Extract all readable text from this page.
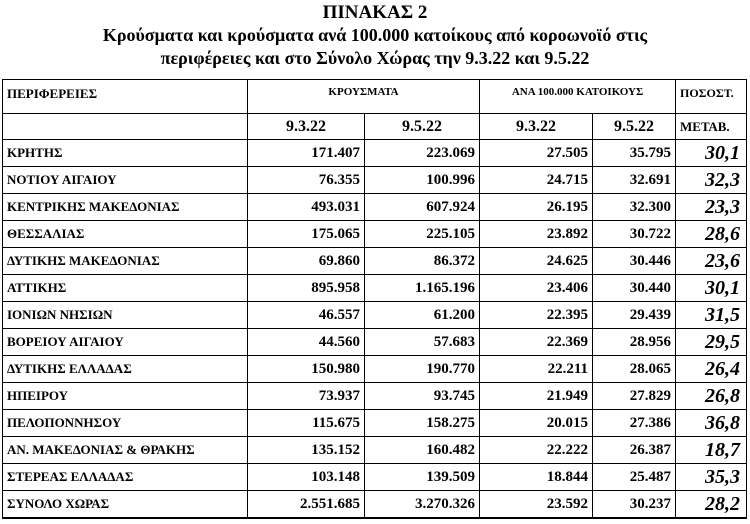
ΠΙΝΑΚΑΣ 2
Κρούσματα και κρούσματα ανά 100.000 κατοίκους από κοροωνοϊό στις
περιφέρειες και στο Σύνολο Χώρας την 9.3.22 και 9.5.22
ΠΕΡΙΦΕΡΕΙΕΣ	ΚΡΟΥΣΜΑΤΑ		ΑΝΑ 100.000 ΚΑΤΟΙΚΟΥΣ		ΠΟΣΟΣΤ.
	9.3.22	9.5.22	9.3.22	9.5.22	ΜΕΤΑΒ.
ΚΡΗΤΗΣ	171.407	223.069	27.505	35.795	30,1
ΝΟΤΙΟΥ ΑΙΓΑΙΟΥ	76.355	100.996	24.715	32.691	32,3
ΚΕΝΤΡΙΚΗΣ ΜΑΚΕΔΟΝΙΑΣ	493.031	607.924	26.195	32.300	23,3
ΘΕΣΣΑΛΙΑΣ	175.065	225.105	23.892	30.722	28,6
ΔΥΤΙΚΗΣ ΜΑΚΕΔΟΝΙΑΣ	69.860	86.372	24.625	30.446	23,6
ΑΤΤΙΚΗΣ	895.958	1.165.196	23.406	30.440	30,1
ΙΟΝΙΩΝ ΝΗΣΙΩΝ	46.557	61.200	22.395	29.439	31,5
ΒΟΡΕΙΟΥ ΑΙΓΑΙΟΥ	44.560	57.683	22.369	28.956	29,5
ΔΥΤΙΚΗΣ ΕΛΛΑΔΑΣ	150.980	190.770	22.211	28.065	26,4
ΗΠΕΙΡΟΥ	73.937	93.745	21.949	27.829	26,8
ΠΕΛΟΠΟΝΝΗΣΟΥ	115.675	158.275	20.015	27.386	36,8
ΑΝ. ΜΑΚΕΔΟΝΙΑΣ & ΘΡΑΚΗΣ	135.152	160.482	22.222	26.387	18,7
ΣΤΕΡΕΑΣ ΕΛΛΑΔΑΣ	103.148	139.509	18.844	25.487	35,3
ΣΥΝΟΛΟ ΧΩΡΑΣ	2.551.685	3.270.326	23.592	30.237	28,2
